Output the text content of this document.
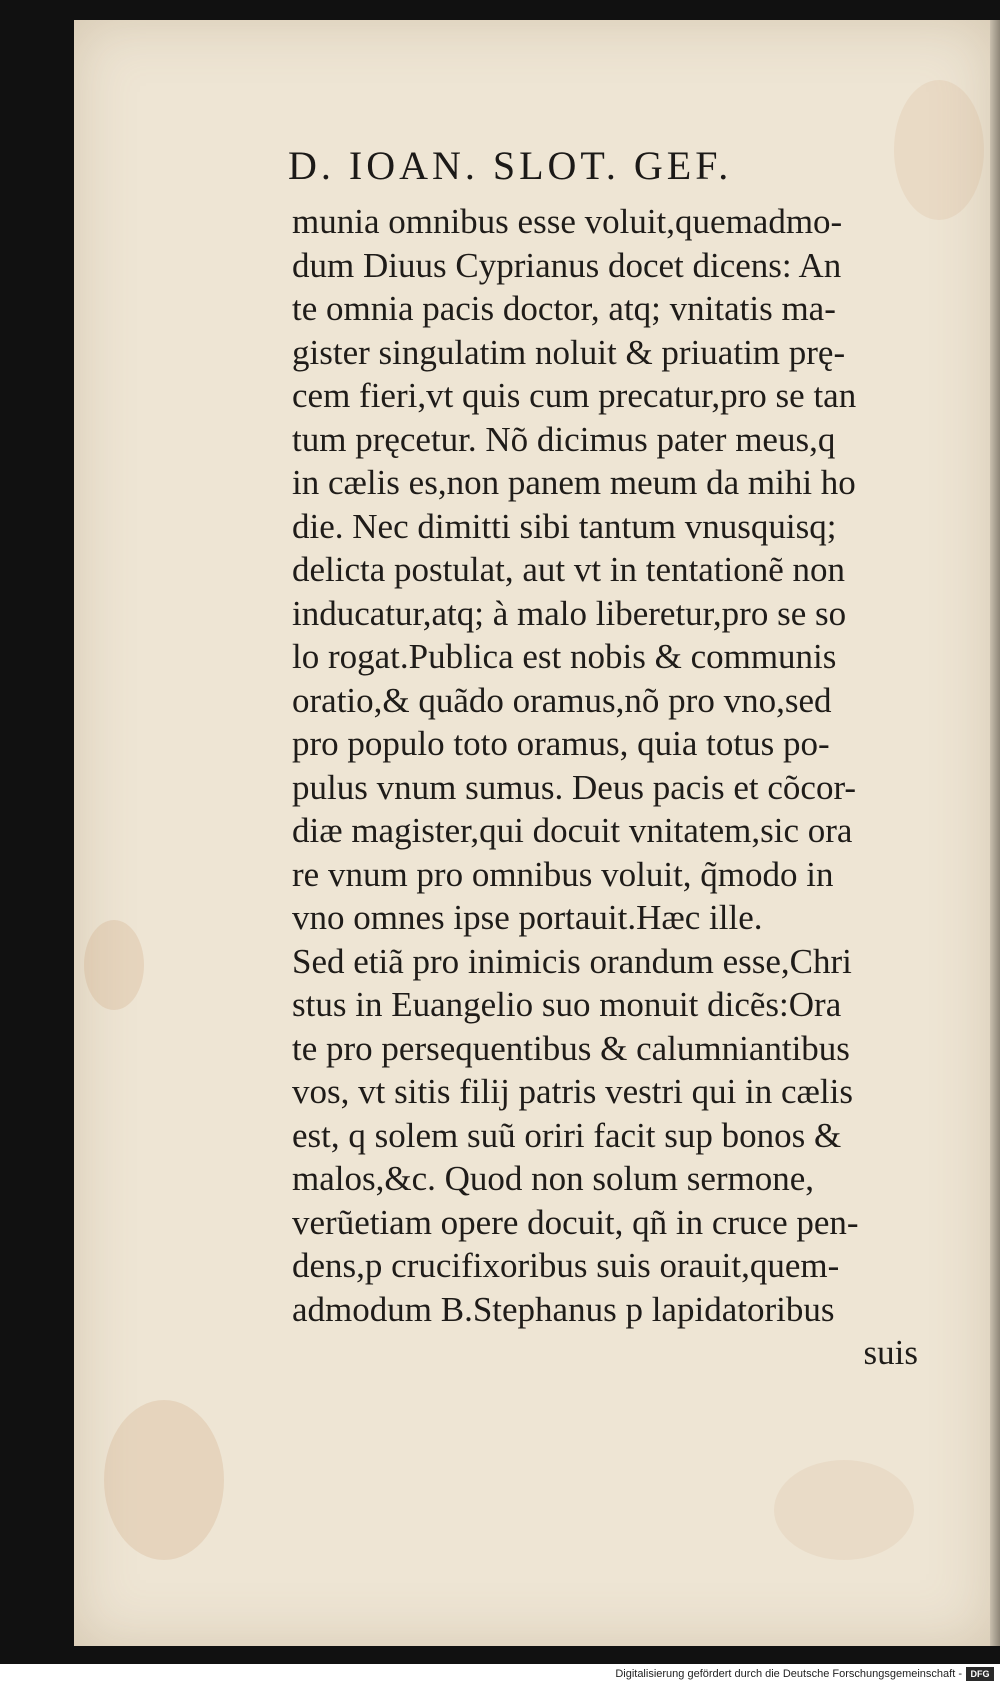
D. IOAN. SLOT. GEF.
munia omnibus esse voluit,quemadmo-
dum Diuus Cyprianus docet dicens: An
te omnia pacis doctor, atq; vnitatis ma-
gister singulatim noluit & priuatim prę-
cem fieri,vt quis cum precatur,pro se tan
tum pręcetur. Nõ dicimus pater meus,q
in cælis es,non panem meum da mihi ho
die. Nec dimitti sibi tantum vnusquisq;
delicta postulat, aut vt in tentationẽ non
inducatur,atq; à malo liberetur,pro se so
lo rogat.Publica est nobis & communis
oratio,& quãdo oramus,nõ pro vno,sed
pro populo toto oramus, quia totus po-
pulus vnum sumus. Deus pacis et cõcor-
diæ magister,qui docuit vnitatem,sic ora
re vnum pro omnibus voluit, q̃modo in
vno omnes ipse portauit.Hæc ille.
Sed etiã pro inimicis orandum esse,Chri
stus in Euangelio suo monuit dicẽs:Ora
te pro persequentibus & calumniantibus
vos, vt sitis filij patris vestri qui in cælis
est, q solem suũ oriri facit sup bonos &
malos,&c. Quod non solum sermone,
verũetiam opere docuit, qñ in cruce pen-
dens,p crucifixoribus suis orauit,quem-
admodum B.Stephanus p lapidatoribus
suis
Digitalisierung gefördert durch die Deutsche Forschungsgemeinschaft - DFG
